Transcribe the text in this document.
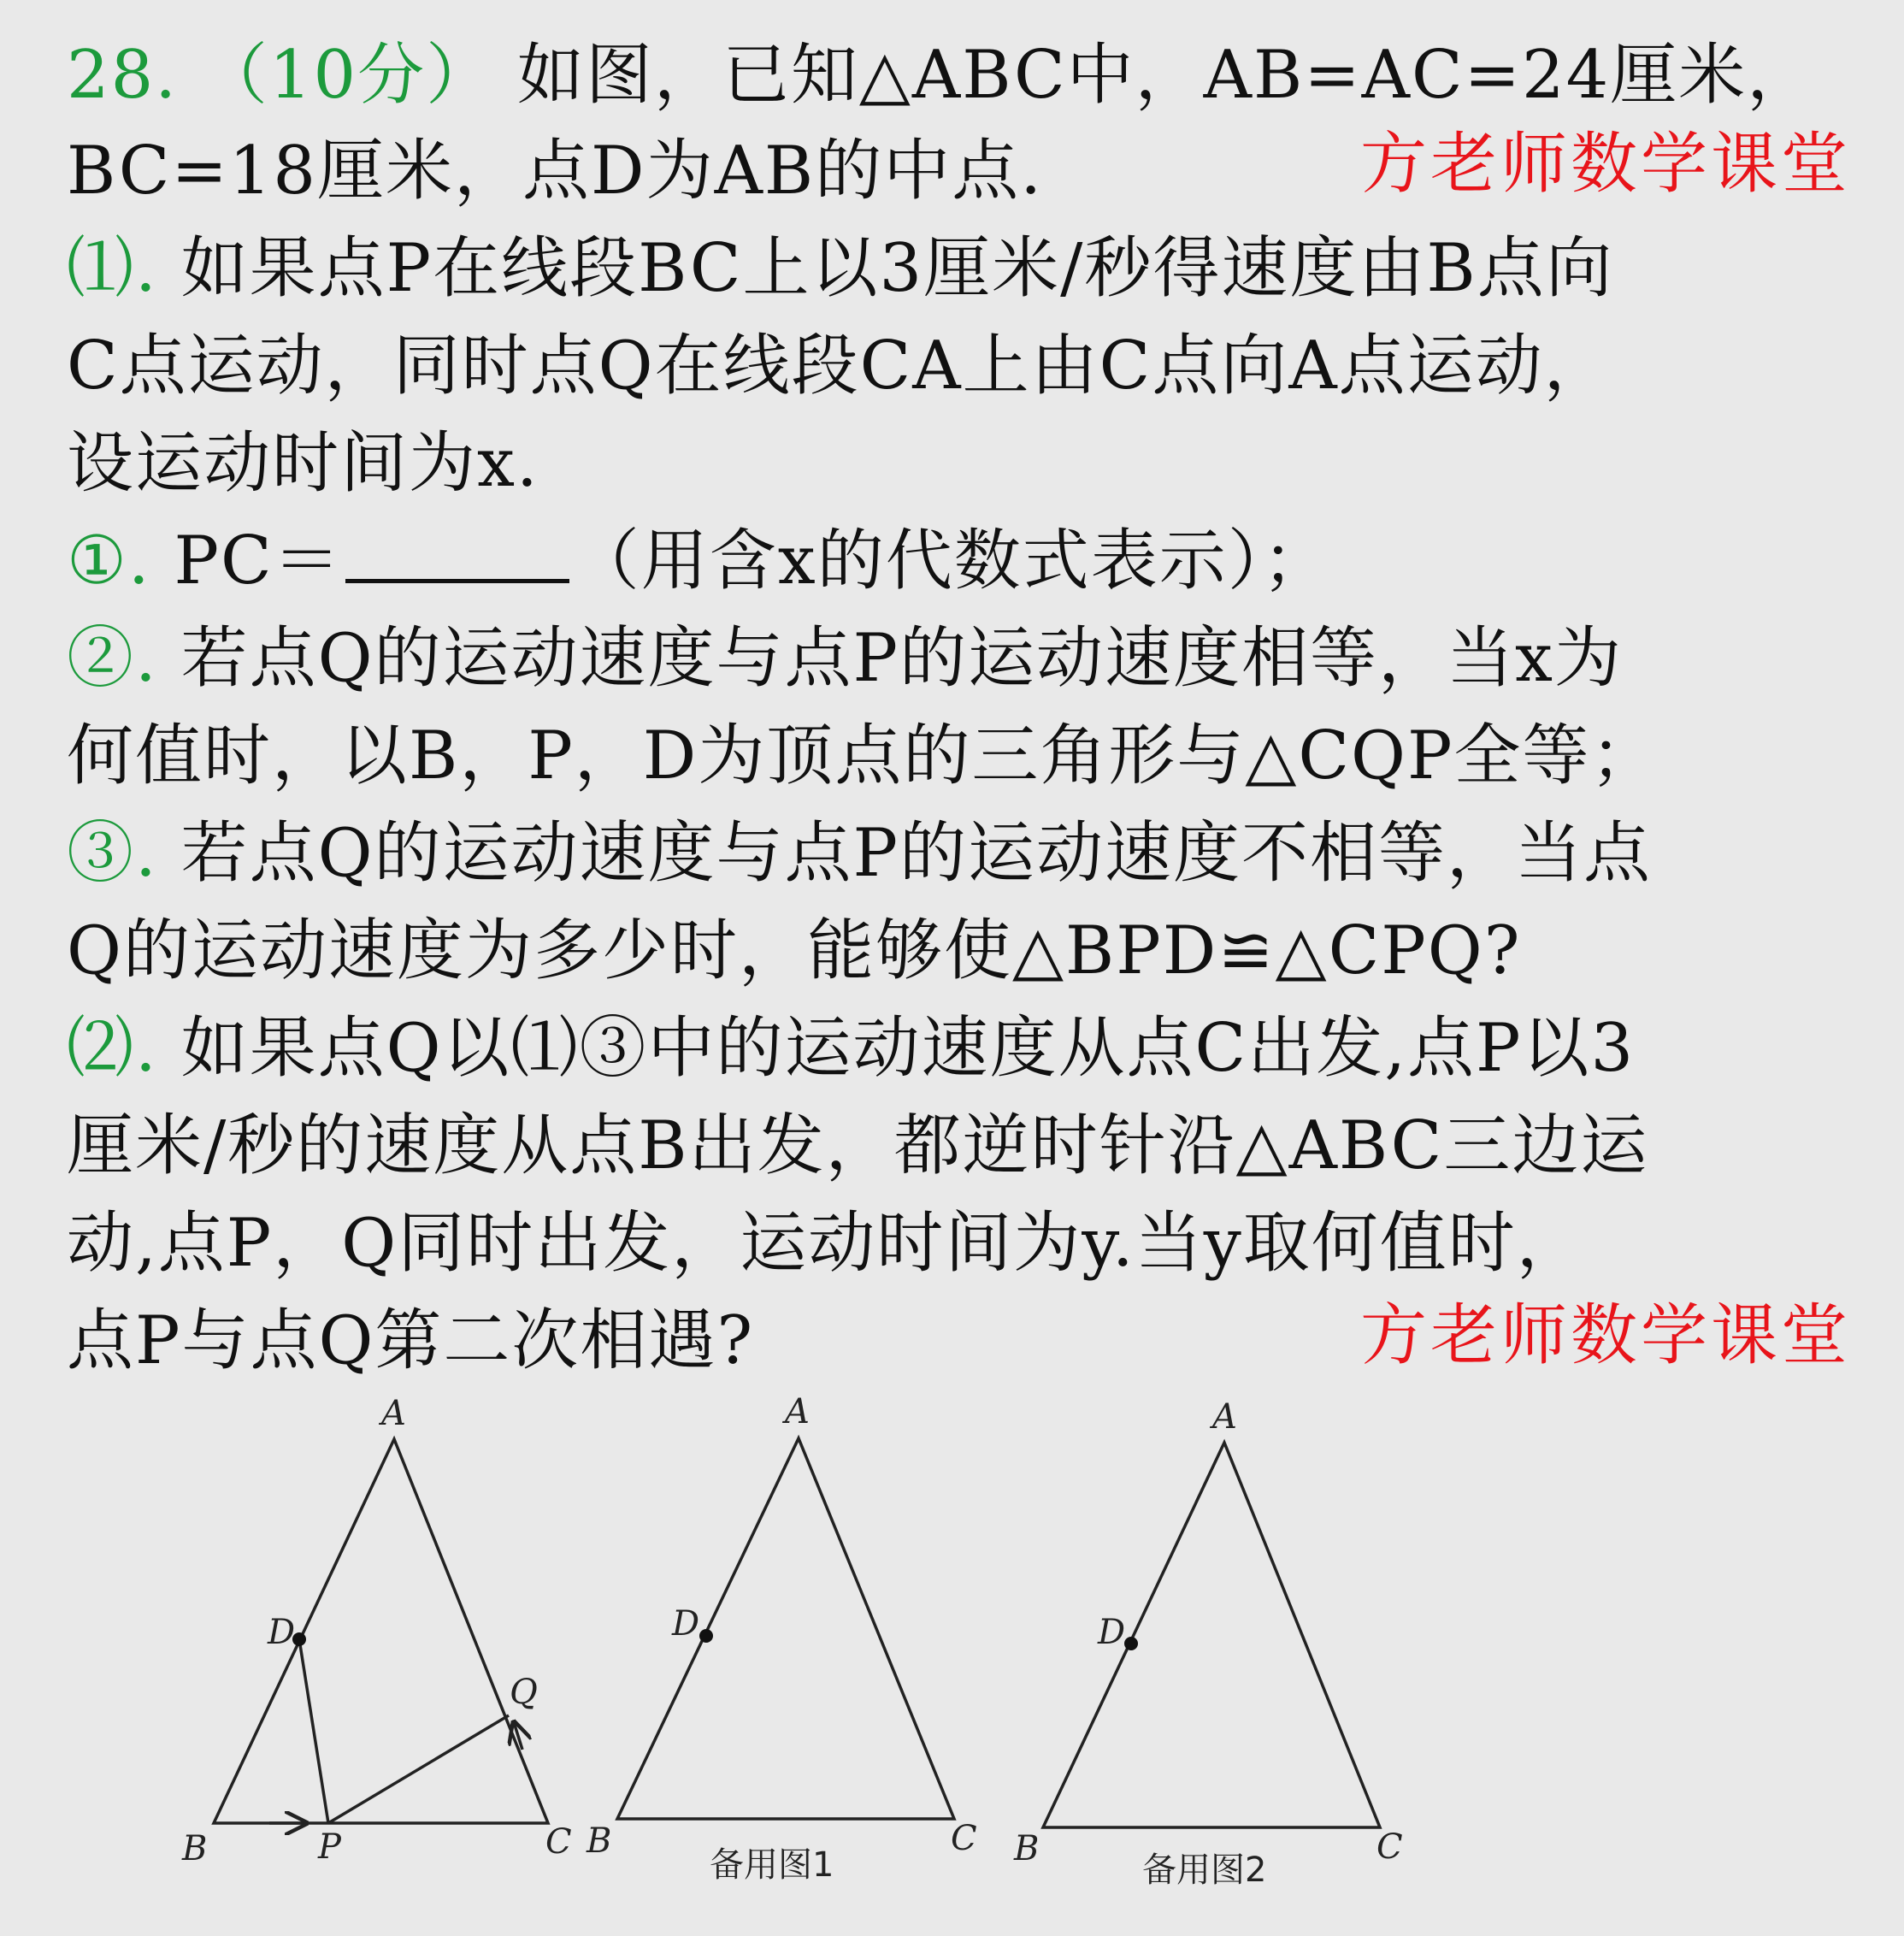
28. （10分） 如图，已知△ABC中，AB=AC=24厘米，
BC=18厘米，点D为AB的中点.	方老师数学课堂
⑴. 如果点P在线段BC上以3厘米/秒得速度由B点向
C点运动，同时点Q在线段CA上由C点向A点运动，
设运动时间为x.
①. PC＝	（用含x的代数式表示）；
②. 若点Q的运动速度与点P的运动速度相等，当x为
何值时，以B，P，D为顶点的三角形与△CQP全等；
③. 若点Q的运动速度与点P的运动速度不相等，当点
Q的运动速度为多少时，能够使△BPD≌△CPQ?
⑵. 如果点Q以⑴③中的运动速度从点C出发,点P以3
厘米/秒的速度从点B出发，都逆时针沿△ABC三边运
动,点P，Q同时出发，运动时间为y.当y取何值时，
点P与点Q第二次相遇?	方老师数学课堂
A
B	C
D
P
Q
A
B	C
D
备用图1
A
B	C
D
备用图2
